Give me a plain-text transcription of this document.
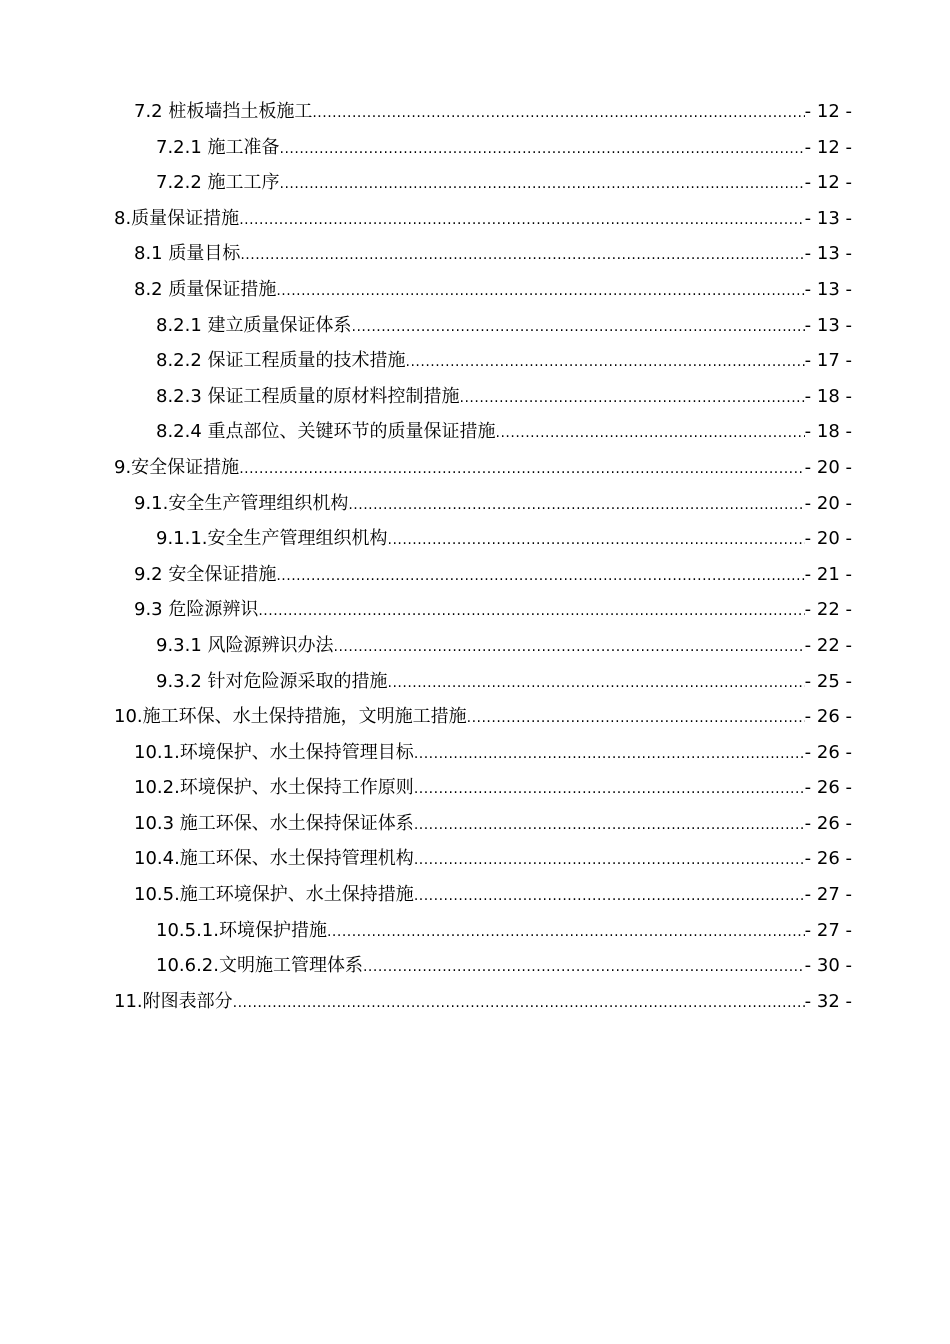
7.2 桩板墙挡土板施工 .....	- 12 -
7.2.1 施工准备 .....	- 12 -
7.2.2 施工工序 .....	- 12 -
8.质量保证措施 .....	- 13 -
8.1 质量目标 .....	- 13 -
8.2 质量保证措施 .....	- 13 -
8.2.1 建立质量保证体系 .....	- 13 -
8.2.2 保证工程质量的技术措施 .....	- 17 -
8.2.3 保证工程质量的原材料控制措施 .....	- 18 -
8.2.4 重点部位、关键环节的质量保证措施 .....	- 18 -
9.安全保证措施 .....	- 20 -
9.1.安全生产管理组织机构 .....	- 20 -
9.1.1.安全生产管理组织机构 .....	- 20 -
9.2 安全保证措施 .....	- 21 -
9.3 危险源辨识 .....	- 22 -
9.3.1 风险源辨识办法 .....	- 22 -
9.3.2 针对危险源采取的措施 .....	- 25 -
10.施工环保、水土保持措施，文明施工措施 .....	- 26 -
10.1.环境保护、水土保持管理目标 .....	- 26 -
10.2.环境保护、水土保持工作原则 .....	- 26 -
10.3 施工环保、水土保持保证体系 .....	- 26 -
10.4.施工环保、水土保持管理机构 .....	- 26 -
10.5.施工环境保护、水土保持措施 .....	- 27 -
10.5.1.环境保护措施 .....	- 27 -
10.6.2.文明施工管理体系 .....	- 30 -
11.附图表部分 .....	- 32 -
